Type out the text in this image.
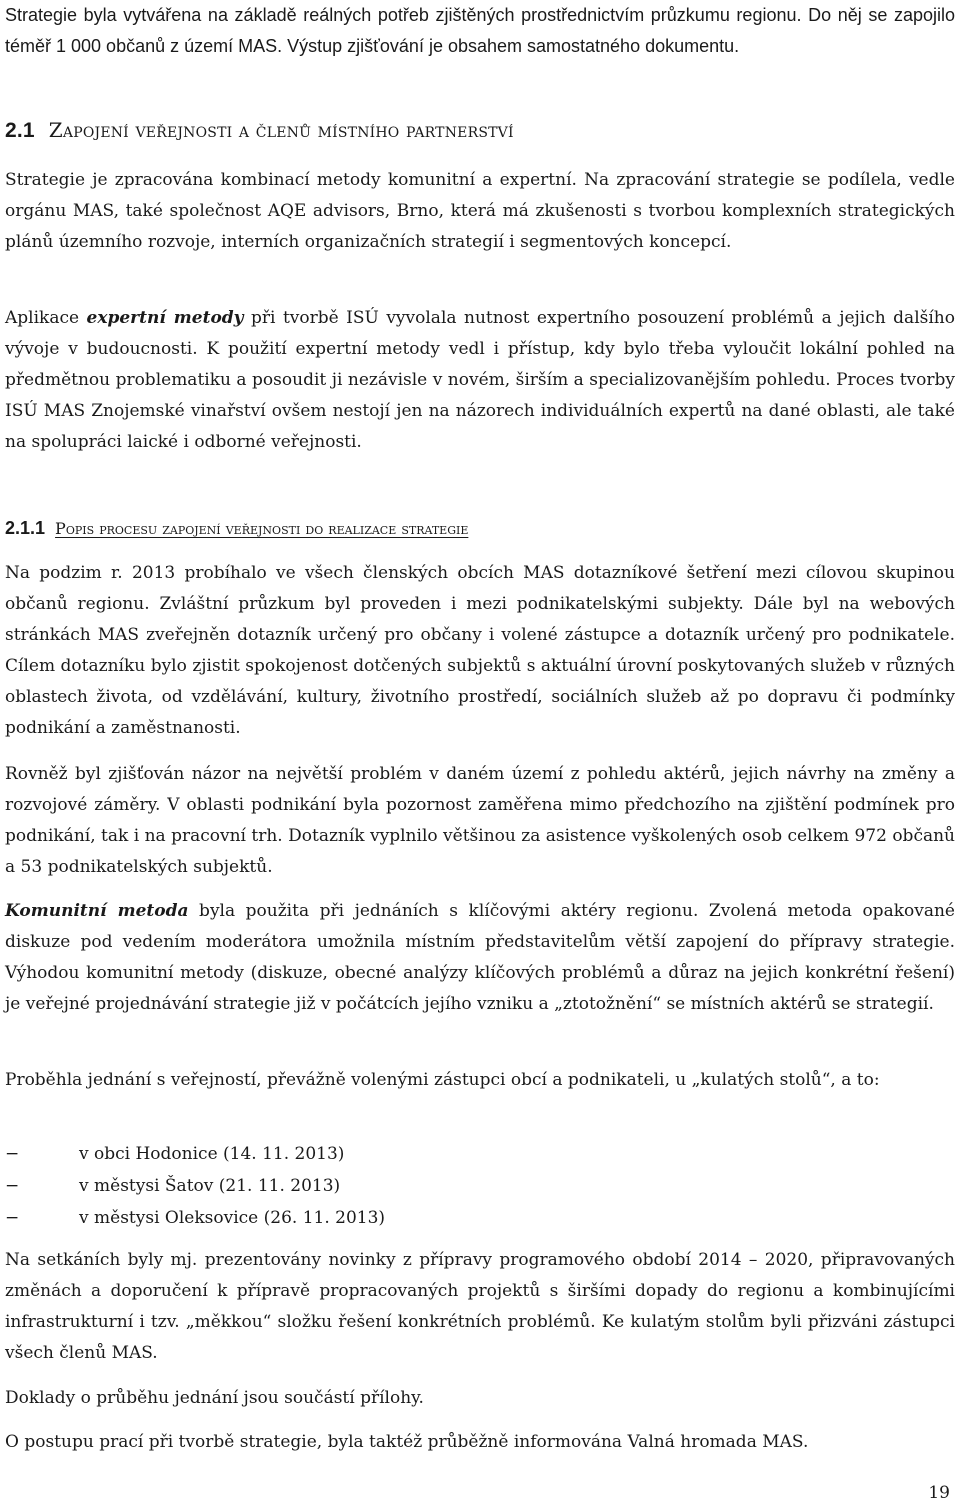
Strategie byla vytvářena na základě reálných potřeb zjištěných prostřednictvím průzkumu regionu. Do něj se zapojilo téměř 1 000 občanů z území MAS. Výstup zjišťování je obsahem samostatného dokumentu.

2.1 Zapojení veřejnosti a členů místního partnerství

Strategie je zpracována kombinací metody komunitní a expertní. Na zpracování strategie se podílela, vedle orgánu MAS, také společnost AQE advisors, Brno, která má zkušenosti s tvorbou komplexních strategických plánů územního rozvoje, interních organizačních strategií i segmentových koncepcí.

Aplikace expertní metody při tvorbě ISÚ vyvolala nutnost expertního posouzení problémů a jejich dalšího vývoje v budoucnosti. K použití expertní metody vedl i přístup, kdy bylo třeba vyloučit lokální pohled na předmětnou problematiku a posoudit ji nezávisle v novém, širším a specializovanějším pohledu. Proces tvorby ISÚ MAS Znojemské vinařství ovšem nestojí jen na názorech individuálních expertů na dané oblasti, ale také na spolupráci laické i odborné veřejnosti.

2.1.1 Popis procesu zapojení veřejnosti do realizace strategie

Na podzim r. 2013 probíhalo ve všech členských obcích MAS dotazníkové šetření mezi cílovou skupinou občanů regionu. Zvláštní průzkum byl proveden i mezi podnikatelskými subjekty. Dále byl na webových stránkách MAS zveřejněn dotazník určený pro občany i volené zástupce a dotazník určený pro podnikatele. Cílem dotazníku bylo zjistit spokojenost dotčených subjektů s aktuální úrovní poskytovaných služeb v různých oblastech života, od vzdělávání, kultury, životního prostředí, sociálních služeb až po dopravu či podmínky podnikání a zaměstnanosti.

Rovněž byl zjišťován názor na největší problém v daném území z pohledu aktérů, jejich návrhy na změny a rozvojové záměry. V oblasti podnikání byla pozornost zaměřena mimo předchozího na zjištění podmínek pro podnikání, tak i na pracovní trh. Dotazník vyplnilo většinou za asistence vyškolených osob celkem 972 občanů a 53 podnikatelských subjektů.

Komunitní metoda byla použita při jednáních s klíčovými aktéry regionu. Zvolená metoda opakované diskuze pod vedením moderátora umožnila místním představitelům větší zapojení do přípravy strategie. Výhodou komunitní metody (diskuze, obecné analýzy klíčových problémů a důraz na jejich konkrétní řešení) je veřejné projednávání strategie již v počátcích jejího vzniku a „ztotožnění“ se místních aktérů se strategií.

Proběhla jednání s veřejností, převážně volenými zástupci obcí a podnikateli, u „kulatých stolů“, a to:

−	v obci Hodonice (14. 11. 2013)
−	v městysi Šatov (21. 11. 2013)
−	v městysi Oleksovice (26. 11. 2013)

Na setkáních byly mj. prezentovány novinky z přípravy programového období 2014 – 2020, připravovaných změnách a doporučení k přípravě propracovaných projektů s širšími dopady do regionu a kombinujícími infrastrukturní i tzv. „měkkou“ složku řešení konkrétních problémů. Ke kulatým stolům byli přizváni zástupci všech členů MAS.

Doklady o průběhu jednání jsou součástí přílohy.

O postupu prací při tvorbě strategie, byla taktéž průběžně informována Valná hromada MAS.

19
